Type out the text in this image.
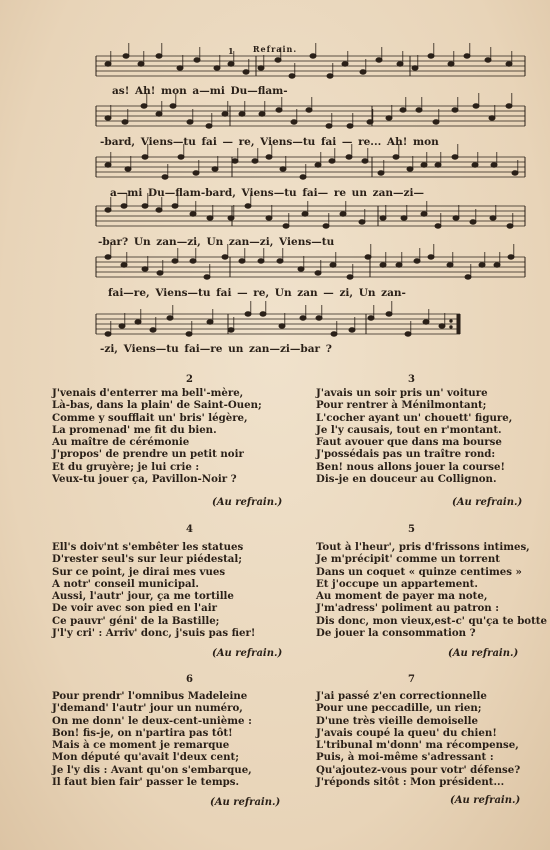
Refrain.
1
as! Ah! mon a—mi Du—flam-
-bard, Viens—tu fai — re, Viens—tu fai — re... Ah! mon
a—mi Du—flam-bard, Viens—tu fai— re un zan—zi—
-bar? Un zan—zi, Un zan—zi, Viens—tu
fai—re, Viens—tu fai — re, Un zan — zi, Un zan-
-zi, Viens—tu fai—re un zan—zi—bar ?
2
J'venais d'enterrer ma bell'-mère,
Là-bas, dans la plain' de Saint-Ouen;
Comme y soufflait un' bris' légère,
La promenad' me fit du bien.
Au maître de cérémonie
J'propos' de prendre un petit noir
Et du gruyère; je lui crie :
Veux-tu jouer ça, Pavillon-Noir ?
(Au refrain.)
3
J'avais un soir pris un' voiture
Pour rentrer à Ménilmontant;
L'cocher ayant un' chouett' figure,
Je l'y causais, tout en r'montant.
Faut avouer que dans ma bourse
J'possédais pas un traître rond:
Ben! nous allons jouer la course!
Dis-je en douceur au Collignon.
(Au refrain.)
4
Ell's doiv'nt s'embêter les statues
D'rester seul's sur leur piédestal;
Sur ce point, je dirai mes vues
A notr' conseil municipal.
Aussi, l'autr' jour, ça me tortille
De voir avec son pied en l'air
Ce pauvr' géni' de la Bastille;
J'l'y cri' : Arriv' donc, j'suis pas fier!
(Au refrain.)
5
Tout à l'heur', pris d'frissons intimes,
Je m'précipit' comme un torrent
Dans un coquet « quinze centimes »
Et j'occupe un appartement.
Au moment de payer ma note,
J'm'adress' poliment au patron :
Dis donc, mon vieux,est-c' qu'ça te botte
De jouer la consommation ?
(Au refrain.)
6
Pour prendr' l'omnibus Madeleine
J'demand' l'autr' jour un numéro,
On me donn' le deux-cent-unième :
Bon! fis-je, on n'partira pas tôt!
Mais à ce moment je remarque
Mon député qu'avait l'deux cent;
Je l'y dis : Avant qu'on s'embarque,
Il faut bien fair' passer le temps.
(Au refrain.)
7
J'ai passé z'en correctionnelle
Pour une peccadille, un rien;
D'une très vieille demoiselle
J'avais coupé la queu' du chien!
L'tribunal m'donn' ma récompense,
Puis, à moi-même s'adressant :
Qu'ajoutez-vous pour votr' défense?
J'réponds sitôt : Mon président...
(Au refrain.)
